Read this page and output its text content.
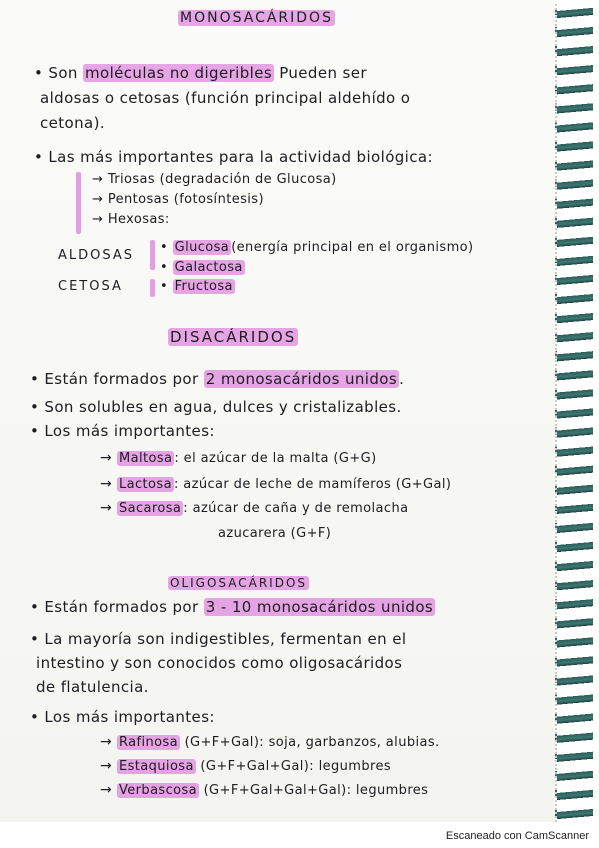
MONOSACÁRIDOS
• Son moléculas no digeribles Pueden ser
aldosas o cetosas (función principal aldehído o
cetona).
• Las más importantes para la actividad biológica:
→ Triosas (degradación de Glucosa)
→ Pentosas (fotosíntesis)
→ Hexosas:
ALDOSAS
• Glucosa (energía principal en el organismo)
• Galactosa
CETOSA	• Fructosa
DISACÁRIDOS
• Están formados por 2 monosacáridos unidos .
• Son solubles en agua, dulces y cristalizables.
• Los más importantes:
→ Maltosa : el azúcar de la malta (G+G)
→ Lactosa : azúcar de leche de mamíferos (G+Gal)
→ Sacarosa : azúcar de caña y de remolacha
azucarera (G+F)
OLIGOSACÁRIDOS
• Están formados por 3 - 10 monosacáridos unidos
• La mayoría son indigestibles, fermentan en el
intestino y son conocidos como oligosacáridos
de flatulencia.
• Los más importantes:
→ Rafinosa (G+F+Gal): soja, garbanzos, alubias.
→ Estaquiosa (G+F+Gal+Gal): legumbres
→ Verbascosa (G+F+Gal+Gal+Gal): legumbres
Escaneado con CamScanner
